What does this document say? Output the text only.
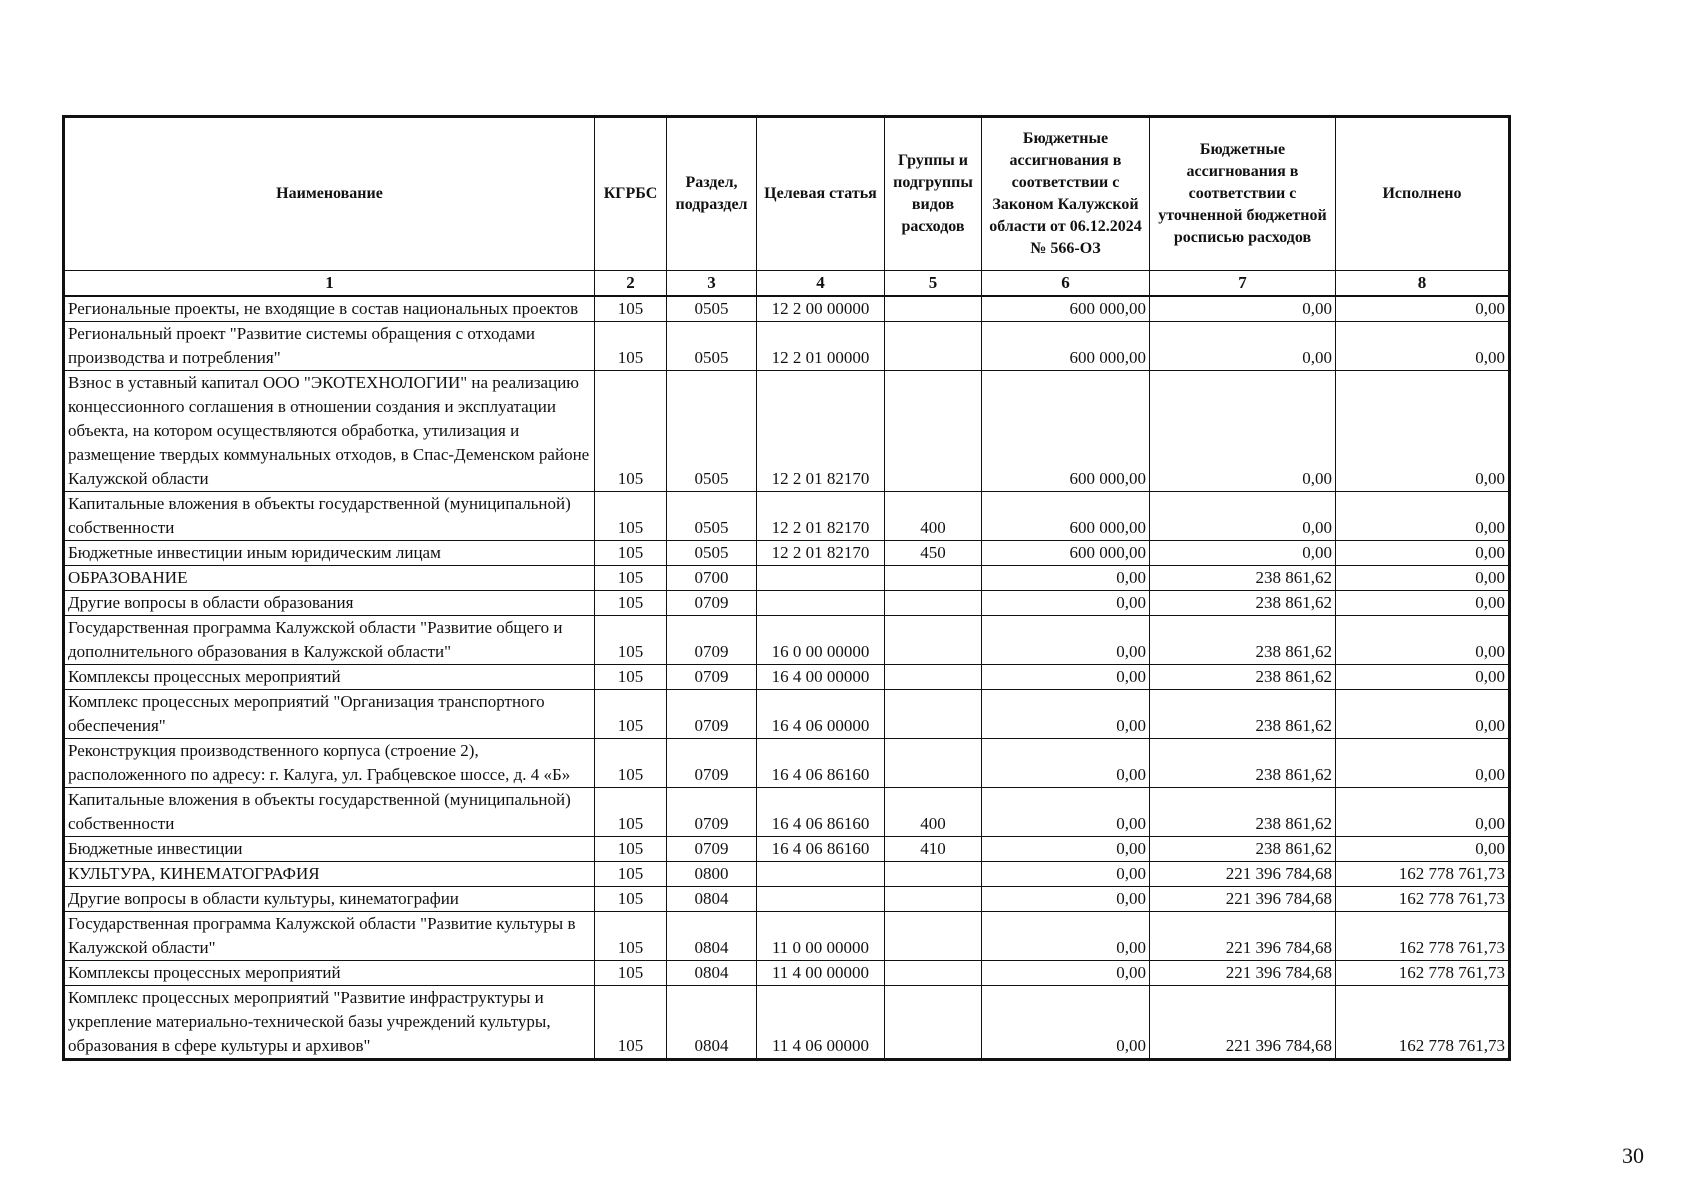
Наименование	КГРБС	Раздел, подраздел	Целевая статья	Группы и подгруппы видов расходов	Бюджетные ассигнования в соответствии с Законом Калужской области от 06.12.2024 № 566-ОЗ	Бюджетные ассигнования в соответствии с уточненной бюджетной росписью расходов	Исполнено
1	2	3	4	5	6	7	8
Региональные проекты, не входящие в состав национальных проектов	105	0505	12 2 00 00000		600 000,00	0,00	0,00
Региональный проект "Развитие системы обращения с отходами производства и потребления"	105	0505	12 2 01 00000		600 000,00	0,00	0,00
Взнос в уставный капитал ООО "ЭКОТЕХНОЛОГИИ" на реализацию концессионного соглашения в отношении создания и эксплуатации объекта, на котором осуществляются обработка, утилизация и размещение твердых коммунальных отходов, в Спас-Деменском районе Калужской области	105	0505	12 2 01 82170		600 000,00	0,00	0,00
Капитальные вложения в объекты государственной (муниципальной) собственности	105	0505	12 2 01 82170	400	600 000,00	0,00	0,00
Бюджетные инвестиции иным юридическим лицам	105	0505	12 2 01 82170	450	600 000,00	0,00	0,00
ОБРАЗОВАНИЕ	105	0700			0,00	238 861,62	0,00
Другие вопросы в области образования	105	0709			0,00	238 861,62	0,00
Государственная программа Калужской области "Развитие общего и дополнительного образования в Калужской области"	105	0709	16 0 00 00000		0,00	238 861,62	0,00
Комплексы процессных мероприятий	105	0709	16 4 00 00000		0,00	238 861,62	0,00
Комплекс процессных мероприятий "Организация транспортного обеспечения"	105	0709	16 4 06 00000		0,00	238 861,62	0,00
Реконструкция производственного корпуса (строение 2), расположенного по адресу: г. Калуга, ул. Грабцевское шоссе, д. 4 «Б»	105	0709	16 4 06 86160		0,00	238 861,62	0,00
Капитальные вложения в объекты государственной (муниципальной) собственности	105	0709	16 4 06 86160	400	0,00	238 861,62	0,00
Бюджетные инвестиции	105	0709	16 4 06 86160	410	0,00	238 861,62	0,00
КУЛЬТУРА, КИНЕМАТОГРАФИЯ	105	0800			0,00	221 396 784,68	162 778 761,73
Другие вопросы в области культуры, кинематографии	105	0804			0,00	221 396 784,68	162 778 761,73
Государственная программа Калужской области "Развитие культуры в Калужской области"	105	0804	11 0 00 00000		0,00	221 396 784,68	162 778 761,73
Комплексы процессных мероприятий	105	0804	11 4 00 00000		0,00	221 396 784,68	162 778 761,73
Комплекс процессных мероприятий "Развитие инфраструктуры и укрепление материально-технической базы учреждений культуры, образования в сфере культуры и архивов"	105	0804	11 4 06 00000		0,00	221 396 784,68	162 778 761,73
30
